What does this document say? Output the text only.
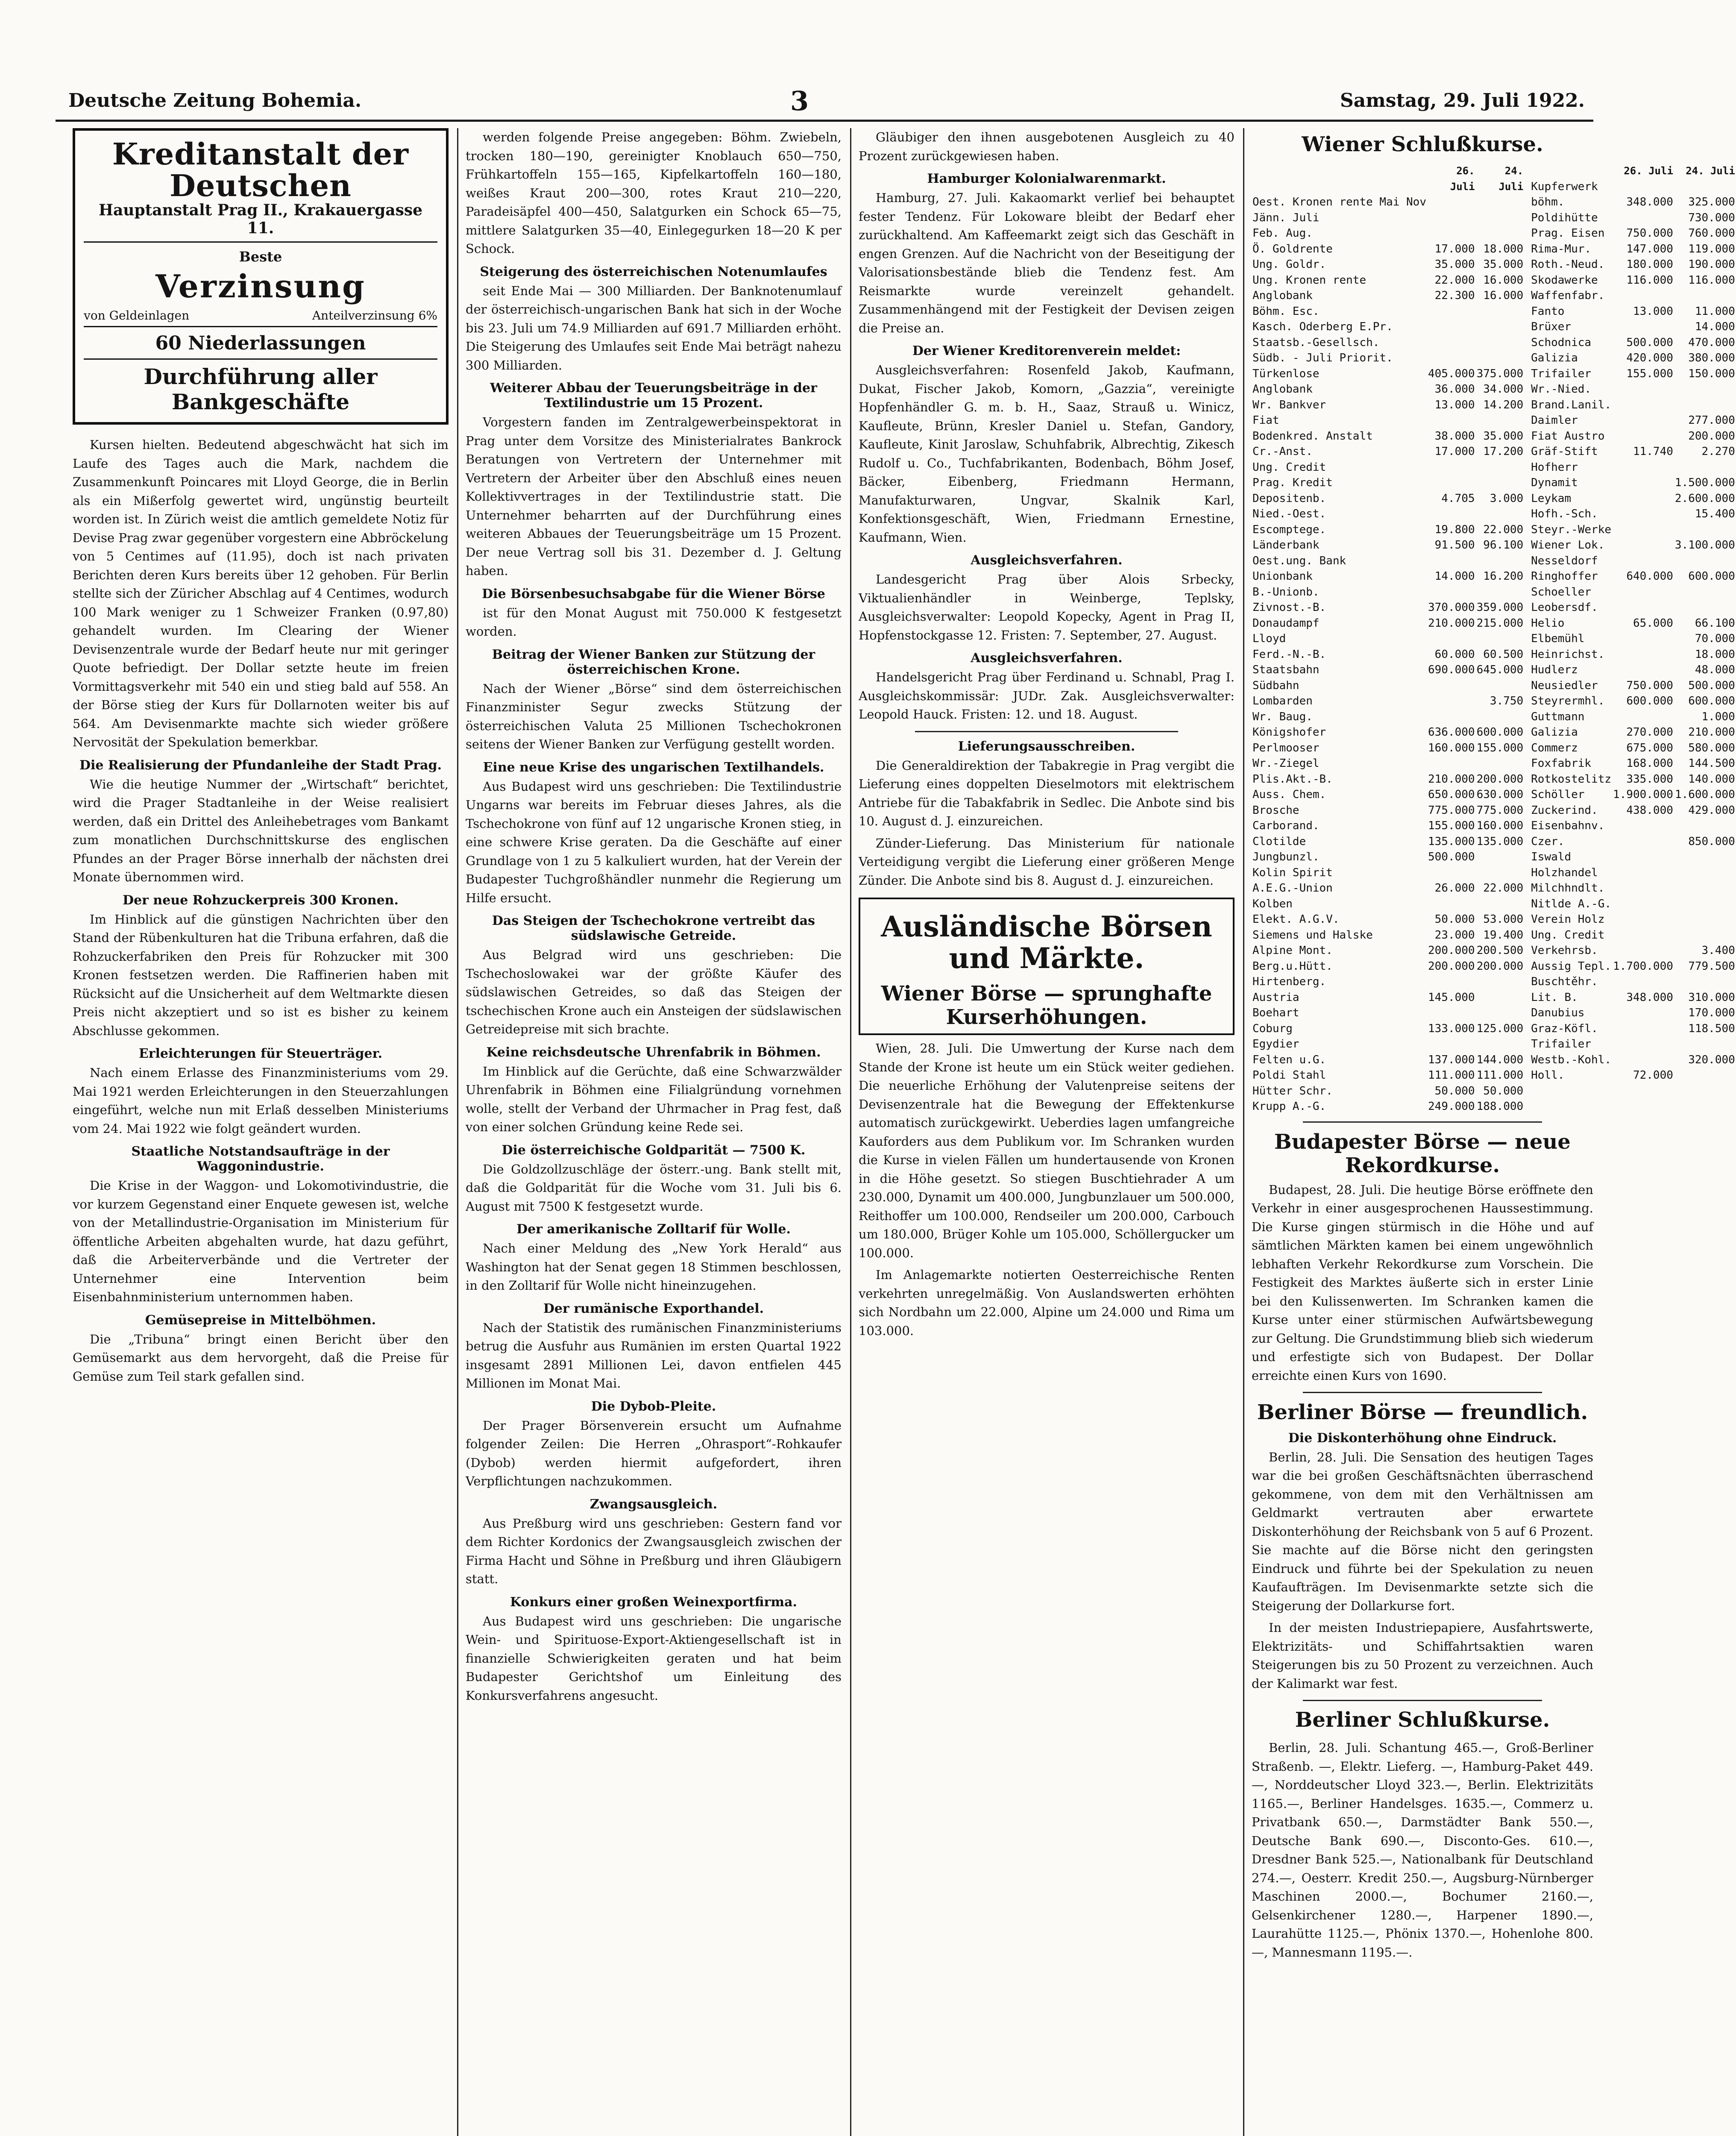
Deutsche Zeitung Bohemia.	3	Samstag, 29. Juli 1922.
Kreditanstalt der Deutschen
Hauptanstalt Prag II., Krakauergasse 11.
Beste
Verzinsung
von Geldeinlagen	Anteilverzinsung 6%
60 Niederlassungen
Durchführung aller Bankgeschäfte

Kursen hielten. Bedeutend abgeschwächt hat sich im Laufe des Tages auch die Mark, nachdem die Zusammenkunft Poincares mit Lloyd George, die in Berlin als ein Mißerfolg gewertet wird, ungünstig beurteilt worden ist. In Zürich weist die amtlich gemeldete Notiz für Devise Prag zwar gegenüber vorgestern eine Abbröckelung von 5 Centimes auf (11.95), doch ist nach privaten Berichten deren Kurs bereits über 12 gehoben. Für Berlin stellte sich der Züricher Abschlag auf 4 Centimes, wodurch 100 Mark weniger zu 1 Schweizer Franken (0.97,80) gehandelt wurden. Im Clearing der Wiener Devisenzentrale wurde der Bedarf heute nur mit geringer Quote befriedigt. Der Dollar setzte heute im freien Vormittagsverkehr mit 540 ein und stieg bald auf 558. An der Börse stieg der Kurs für Dollarnoten weiter bis auf 564. Am Devisenmarkte machte sich wieder größere Nervosität der Spekulation bemerkbar.

Die Realisierung der Pfundanleihe der Stadt Prag.

Wie die heutige Nummer der „Wirtschaft“ berichtet, wird die Prager Stadtanleihe in der Weise realisiert werden, daß ein Drittel des Anleihebetrages vom Bankamt zum monatlichen Durchschnittskurse des englischen Pfundes an der Prager Börse innerhalb der nächsten drei Monate übernommen wird.

Der neue Rohzuckerpreis 300 Kronen.

Im Hinblick auf die günstigen Nachrichten über den Stand der Rübenkulturen hat die Tribuna erfahren, daß die Rohzuckerfabriken den Preis für Rohzucker mit 300 Kronen festsetzen werden. Die Raffinerien haben mit Rücksicht auf die Unsicherheit auf dem Weltmarkte diesen Preis nicht akzeptiert und so ist es bisher zu keinem Abschlusse gekommen.

Erleichterungen für Steuerträger.

Nach einem Erlasse des Finanzministeriums vom 29. Mai 1921 werden Erleichterungen in den Steuerzahlungen eingeführt, welche nun mit Erlaß desselben Ministeriums vom 24. Mai 1922 wie folgt geändert wurden.

Staatliche Notstandsaufträge in der Waggonindustrie.

Die Krise in der Waggon- und Lokomotivindustrie, die vor kurzem Gegenstand einer Enquete gewesen ist, welche von der Metallindustrie-Organisation im Ministerium für öffentliche Arbeiten abgehalten wurde, hat dazu geführt, daß die Arbeiterverbände und die Vertreter der Unternehmer eine Intervention beim Eisenbahnministerium unternommen haben.

Gemüsepreise in Mittelböhmen.

Die „Tribuna“ bringt einen Bericht über den Gemüsemarkt aus dem hervorgeht, daß die Preise für Gemüse zum Teil stark gefallen sind.

werden folgende Preise angegeben: Böhm. Zwiebeln, trocken 180—190, gereinigter Knoblauch 650—750, Frühkartoffeln 155—165, Kipfelkartoffeln 160—180, weißes Kraut 200—300, rotes Kraut 210—220, Paradeisäpfel 400—450, Salatgurken ein Schock 65—75, mittlere Salatgurken 35—40, Einlegegurken 18—20 K per Schock.

Steigerung des österreichischen Notenumlaufes

seit Ende Mai — 300 Milliarden. Der Banknotenumlauf der österreichisch-ungarischen Bank hat sich in der Woche bis 23. Juli um 74.9 Milliarden auf 691.7 Milliarden erhöht. Die Steigerung des Umlaufes seit Ende Mai beträgt nahezu 300 Milliarden.

Weiterer Abbau der Teuerungsbeiträge in der Textilindustrie um 15 Prozent.

Vorgestern fanden im Zentralgewerbeinspektorat in Prag unter dem Vorsitze des Ministerialrates Bankrock Beratungen von Vertretern der Unternehmer mit Vertretern der Arbeiter über den Abschluß eines neuen Kollektivvertrages in der Textilindustrie statt. Die Unternehmer beharrten auf der Durchführung eines weiteren Abbaues der Teuerungsbeiträge um 15 Prozent. Der neue Vertrag soll bis 31. Dezember d. J. Geltung haben.

Die Börsenbesuchsabgabe für die Wiener Börse

ist für den Monat August mit 750.000 K festgesetzt worden.

Beitrag der Wiener Banken zur Stützung der österreichischen Krone.

Nach der Wiener „Börse“ sind dem österreichischen Finanzminister Segur zwecks Stützung der österreichischen Valuta 25 Millionen Tschechokronen seitens der Wiener Banken zur Verfügung gestellt worden.

Eine neue Krise des ungarischen Textilhandels.

Aus Budapest wird uns geschrieben: Die Textilindustrie Ungarns war bereits im Februar dieses Jahres, als die Tschechokrone von fünf auf 12 ungarische Kronen stieg, in eine schwere Krise geraten. Da die Geschäfte auf einer Grundlage von 1 zu 5 kalkuliert wurden, hat der Verein der Budapester Tuchgroßhändler nunmehr die Regierung um Hilfe ersucht.

Das Steigen der Tschechokrone vertreibt das südslawische Getreide.

Aus Belgrad wird uns geschrieben: Die Tschechoslowakei war der größte Käufer des südslawischen Getreides, so daß das Steigen der tschechischen Krone auch ein Ansteigen der südslawischen Getreidepreise mit sich brachte.

Keine reichsdeutsche Uhrenfabrik in Böhmen.

Im Hinblick auf die Gerüchte, daß eine Schwarzwälder Uhrenfabrik in Böhmen eine Filialgründung vornehmen wolle, stellt der Verband der Uhrmacher in Prag fest, daß von einer solchen Gründung keine Rede sei.

Die österreichische Goldparität — 7500 K.

Die Goldzollzuschläge der österr.-ung. Bank stellt mit, daß die Goldparität für die Woche vom 31. Juli bis 6. August mit 7500 K festgesetzt wurde.

Der amerikanische Zolltarif für Wolle.

Nach einer Meldung des „New York Herald“ aus Washington hat der Senat gegen 18 Stimmen beschlossen, in den Zolltarif für Wolle nicht hineinzugehen.

Der rumänische Exporthandel.

Nach der Statistik des rumänischen Finanzministeriums betrug die Ausfuhr aus Rumänien im ersten Quartal 1922 insgesamt 2891 Millionen Lei, davon entfielen 445 Millionen im Monat Mai.

Die Dybob-Pleite.

Der Prager Börsenverein ersucht um Aufnahme folgender Zeilen: Die Herren „Ohrasport“-Rohkaufer (Dybob) werden hiermit aufgefordert, ihren Verpflichtungen nachzukommen.

Zwangsausgleich.

Aus Preßburg wird uns geschrieben: Gestern fand vor dem Richter Kordonics der Zwangsausgleich zwischen der Firma Hacht und Söhne in Preßburg und ihren Gläubigern statt.

Konkurs einer großen Weinexportfirma.

Aus Budapest wird uns geschrieben: Die ungarische Wein- und Spirituose-Export-Aktiengesellschaft ist in finanzielle Schwierigkeiten geraten und hat beim Budapester Gerichtshof um Einleitung des Konkursverfahrens angesucht.

Gläubiger den ihnen ausgebotenen Ausgleich zu 40 Prozent zurückgewiesen haben.

Hamburger Kolonialwarenmarkt.

Hamburg, 27. Juli. Kakaomarkt verlief bei behauptet fester Tendenz. Für Lokoware bleibt der Bedarf eher zurückhaltend. Am Kaffeemarkt zeigt sich das Geschäft in engen Grenzen. Auf die Nachricht von der Beseitigung der Valorisationsbestände blieb die Tendenz fest. Am Reismarkte wurde vereinzelt gehandelt. Zusammenhängend mit der Festigkeit der Devisen zeigen die Preise an.

Der Wiener Kreditorenverein meldet:

Ausgleichsverfahren: Rosenfeld Jakob, Kaufmann, Dukat, Fischer Jakob, Komorn, „Gazzia“, vereinigte Hopfenhändler G. m. b. H., Saaz, Strauß u. Winicz, Kaufleute, Brünn, Kresler Daniel u. Stefan, Gandory, Kaufleute, Kinit Jaroslaw, Schuhfabrik, Albrechtig, Zikesch Rudolf u. Co., Tuchfabrikanten, Bodenbach, Böhm Josef, Bäcker, Eibenberg, Friedmann Hermann, Manufakturwaren, Ungvar, Skalnik Karl, Konfektionsgeschäft, Wien, Friedmann Ernestine, Kaufmann, Wien.

Ausgleichsverfahren.

Landesgericht Prag über Alois Srbecky, Viktualienhändler in Weinberge, Teplsky, Ausgleichsverwalter: Leopold Kopecky, Agent in Prag II, Hopfenstockgasse 12. Fristen: 7. September, 27. August.

Ausgleichsverfahren.

Handelsgericht Prag über Ferdinand u. Schnabl, Prag I. Ausgleichskommissär: JUDr. Zak. Ausgleichsverwalter: Leopold Hauck. Fristen: 12. und 18. August.

Lieferungsausschreiben.

Die Generaldirektion der Tabakregie in Prag vergibt die Lieferung eines doppelten Dieselmotors mit elektrischem Antriebe für die Tabakfabrik in Sedlec. Die Anbote sind bis 10. August d. J. einzureichen.

Zünder-Lieferung. Das Ministerium für nationale Verteidigung vergibt die Lieferung einer größeren Menge Zünder. Die Anbote sind bis 8. August d. J. einzureichen.

Ausländische Börsen und Märkte.
Wiener Börse — sprunghafte Kurserhöhungen.

Wien, 28. Juli. Die Umwertung der Kurse nach dem Stande der Krone ist heute um ein Stück weiter gediehen. Die neuerliche Erhöhung der Valutenpreise seitens der Devisenzentrale hat die Bewegung der Effektenkurse automatisch zurückgewirkt. Ueberdies lagen umfangreiche Kauforders aus dem Publikum vor. Im Schranken wurden die Kurse in vielen Fällen um hundertausende von Kronen in die Höhe gesetzt. So stiegen Buschtiehrader A um 230.000, Dynamit um 400.000, Jungbunzlauer um 500.000, Reithoffer um 100.000, Rendseiler um 200.000, Carbouch um 180.000, Brüger Kohle um 105.000, Schöllergucker um 100.000.

Im Anlagemarkte notierten Oesterreichische Renten verkehrten unregelmäßig. Von Auslandswerten erhöhten sich Nordbahn um 22.000, Alpine um 24.000 und Rima um 103.000.

Wiener Schlußkurse.
	26. Juli	24. Juli
Oest. Kronen rente Mai Nov		
Jänn. Juli		
Feb. Aug.		
Ö. Goldrente	17.000	18.000
Ung. Goldr.	35.000	35.000
Ung. Kronen rente	22.000	16.000
Anglobank	22.300	16.000
Böhm. Esc.		
Kasch. Oderberg E.Pr.		
Staatsb.-Gesellsch.		
Südb. - Juli Priorit.		
Türkenlose	405.000	375.000
Anglobank	36.000	34.000
Wr. Bankver	13.000	14.200
Fiat		
Bodenkred. Anstalt	38.000	35.000
Cr.-Anst.	17.000	17.200
Ung. Credit		
Prag. Kredit		
Depositenb.	4.705	3.000
Nied.-Oest.		
Escomptege.	19.800	22.000
Länderbank	91.500	96.100
Oest.ung. Bank		
Unionbank	14.000	16.200
B.-Unionb.		
Zivnost.-B.	370.000	359.000
Donaudampf	210.000	215.000
Lloyd		
Ferd.-N.-B.	60.000	60.500
Staatsbahn	690.000	645.000
Südbahn		
Lombarden		3.750
Wr. Baug.		
Königshofer	636.000	600.000
Perlmooser	160.000	155.000
Wr.-Ziegel		
Plis.Akt.-B.	210.000	200.000
Auss. Chem.	650.000	630.000
Brosche	775.000	775.000
Carborand.	155.000	160.000
Clotilde	135.000	135.000
Jungbunzl.	500.000	
Kolin Spirit		
A.E.G.-Union	26.000	22.000
Kolben		
Elekt. A.G.V.	50.000	53.000
Siemens und Halske	23.000	19.400
Alpine Mont.	200.000	200.500
Berg.u.Hütt.	200.000	200.000
Hirtenberg.		
Austria	145.000	
Boehart		
Coburg	133.000	125.000
Egydier		
Felten u.G.	137.000	144.000
Poldi Stahl	111.000	111.000
Hütter Schr.	50.000	50.000
Krupp A.-G.	249.000	188.000
	26. Juli	24. Juli
Kupferwerk		
böhm.	348.000	325.000
Poldihütte		730.000
Prag. Eisen	750.000	760.000
Rima-Mur.	147.000	119.000
Roth.-Neud.	180.000	190.000
Skodawerke	116.000	116.000
Waffenfabr.		
Fanto	13.000	11.000
Brüxer		14.000
Schodnica	500.000	470.000
Galizia	420.000	380.000
Trifailer	155.000	150.000
Wr.-Nied.		
Brand.Lanil.		
Daimler		277.000
Fiat Austro		200.000
Gräf-Stift	11.740	2.270
Hofherr		
Dynamit		1.500.000
Leykam		2.600.000
Hofh.-Sch.		15.400
Steyr.-Werke		
Wiener Lok.		3.100.000
Nesseldorf		
Ringhoffer	640.000	600.000
Schoeller		
Leobersdf.		
Helio	65.000	66.100
Elbemühl		70.000
Heinrichst.		18.000
Hudlerz		48.000
Neusiedler	750.000	500.000
Steyrermhl.	600.000	600.000
Guttmann		1.000
Galizia	270.000	210.000
Commerz	675.000	580.000
Foxfabrik	168.000	144.500
Rotkostelitz	335.000	140.000
Schöller	1.900.000	1.600.000
Zuckerind.	438.000	429.000
Eisenbahnv.		
Czer.		850.000
Iswald		
Holzhandel		
Milchhndlt.		
Nitlde A.-G.		
Verein Holz		
Ung. Credit		
Verkehrsb.		3.400
Aussig Tepl.	1.700.000	779.500
Buschtěhr.		
Lit. B.	348.000	310.000
Danubius		170.000
Graz-Köfl.		118.500
Trifailer		
Westb.-Kohl.		320.000
Holl.	72.000	
Budapester Börse — neue Rekordkurse.

Budapest, 28. Juli. Die heutige Börse eröffnete den Verkehr in einer ausgesprochenen Haussestimmung. Die Kurse gingen stürmisch in die Höhe und auf sämtlichen Märkten kamen bei einem ungewöhnlich lebhaften Verkehr Rekordkurse zum Vorschein. Die Festigkeit des Marktes äußerte sich in erster Linie bei den Kulissenwerten. Im Schranken kamen die Kurse unter einer stürmischen Aufwärtsbewegung zur Geltung. Die Grundstimmung blieb sich wiederum und erfestigte sich von Budapest. Der Dollar erreichte einen Kurs von 1690.

Berliner Börse — freundlich.
Die Diskonterhöhung ohne Eindruck.

Berlin, 28. Juli. Die Sensation des heutigen Tages war die bei großen Geschäftsnächten überraschend gekommene, von dem mit den Verhältnissen am Geldmarkt vertrauten aber erwartete Diskonterhöhung der Reichsbank von 5 auf 6 Prozent. Sie machte auf die Börse nicht den geringsten Eindruck und führte bei der Spekulation zu neuen Kaufaufträgen. Im Devisenmarkte setzte sich die Steigerung der Dollarkurse fort.

In der meisten Industriepapiere, Ausfahrtswerte, Elektrizitäts- und Schiffahrtsaktien waren Steigerungen bis zu 50 Prozent zu verzeichnen. Auch der Kalimarkt war fest.

Berliner Schlußkurse.

Berlin, 28. Juli. Schantung 465.—, Groß-Berliner Straßenb. —, Elektr. Lieferg. —, Hamburg-Paket 449.—, Norddeutscher Lloyd 323.—, Berlin. Elektrizitäts 1165.—, Berliner Handelsges. 1635.—, Commerz u. Privatbank 650.—, Darmstädter Bank 550.—, Deutsche Bank 690.—, Disconto-Ges. 610.—, Dresdner Bank 525.—, Nationalbank für Deutschland 274.—, Oesterr. Kredit 250.—, Augsburg-Nürnberger Maschinen 2000.—, Bochumer 2160.—, Gelsenkirchener 1280.—, Harpener 1890.—, Laurahütte 1125.—, Phönix 1370.—, Hohenlohe 800.—, Mannesmann 1195.—.
